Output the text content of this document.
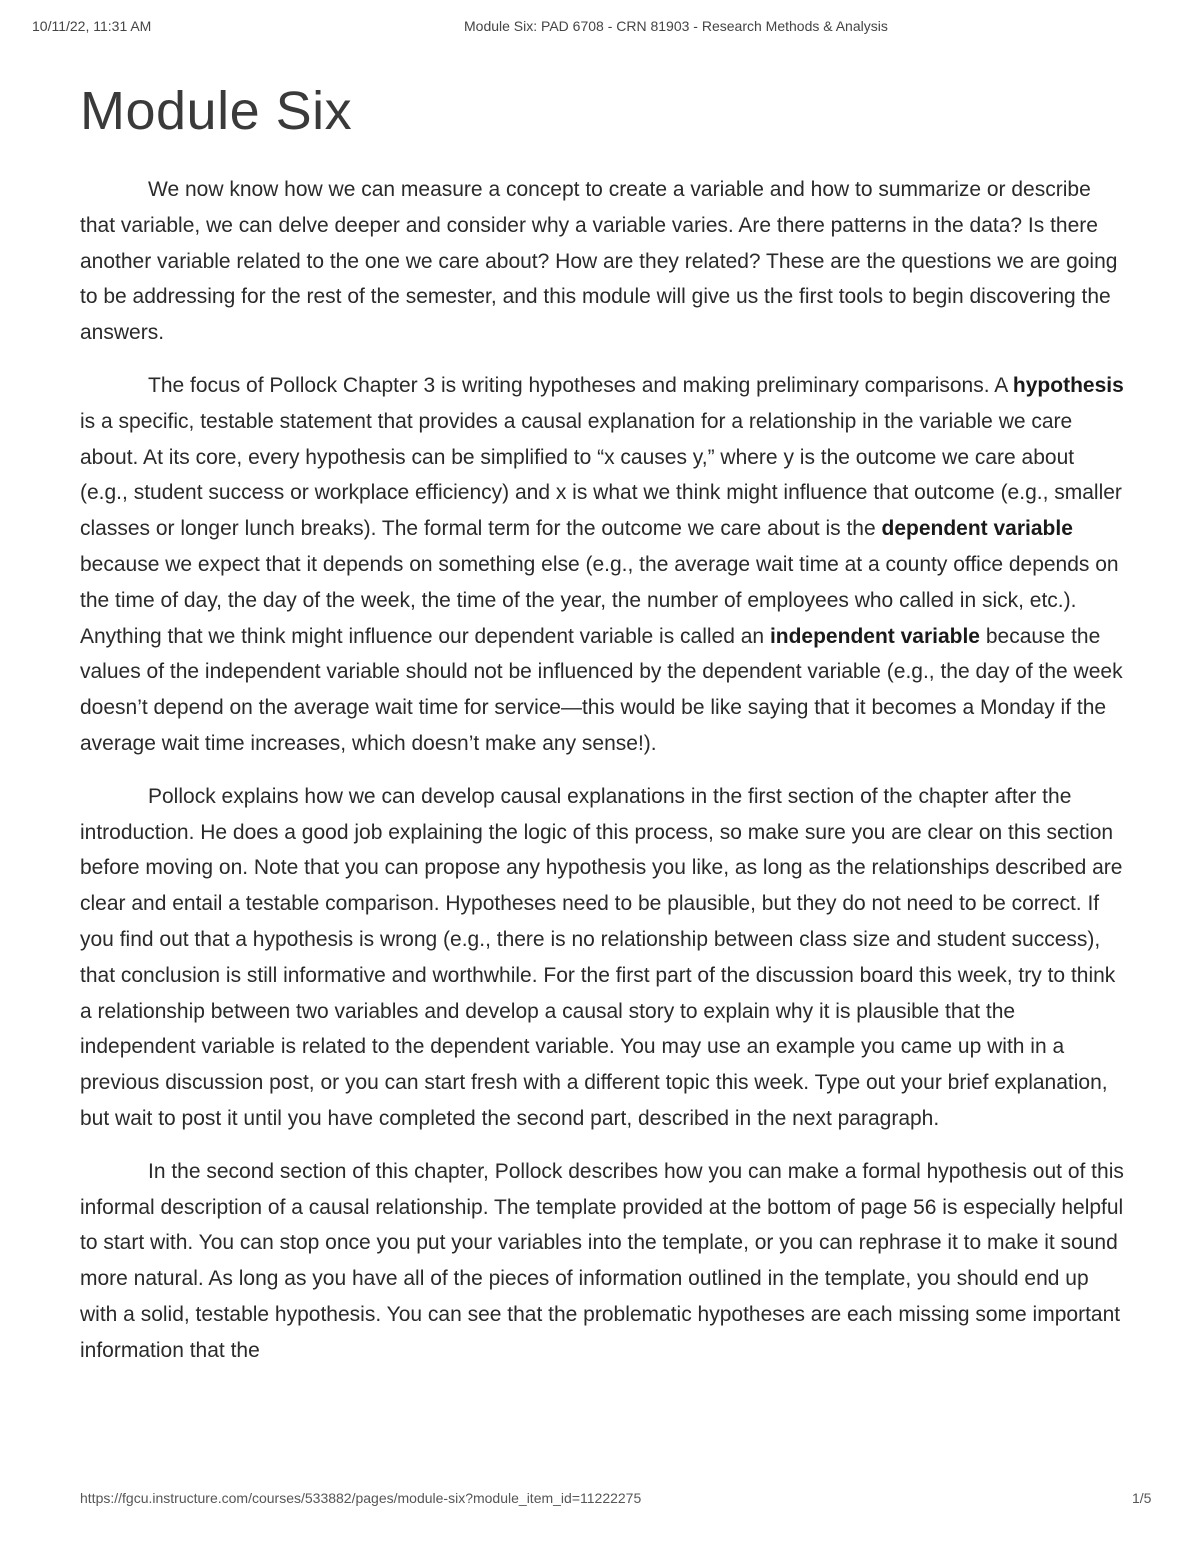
10/11/22, 11:31 AM	Module Six: PAD 6708 - CRN 81903 - Research Methods & Analysis
Module Six

We now know how we can measure a concept to create a variable and how to summarize or describe that variable, we can delve deeper and consider why a variable varies. Are there patterns in the data? Is there another variable related to the one we care about? How are they related? These are the questions we are going to be addressing for the rest of the semester, and this module will give us the first tools to begin discovering the answers.

The focus of Pollock Chapter 3 is writing hypotheses and making preliminary comparisons. A hypothesis is a specific, testable statement that provides a causal explanation for a relationship in the variable we care about. At its core, every hypothesis can be simplified to “x causes y,” where y is the outcome we care about (e.g., student success or workplace efficiency) and x is what we think might influence that outcome (e.g., smaller classes or longer lunch breaks). The formal term for the outcome we care about is the dependent variable because we expect that it depends on something else (e.g., the average wait time at a county office depends on the time of day, the day of the week, the time of the year, the number of employees who called in sick, etc.). Anything that we think might influence our dependent variable is called an independent variable because the values of the independent variable should not be influenced by the dependent variable (e.g., the day of the week doesn’t depend on the average wait time for service—this would be like saying that it becomes a Monday if the average wait time increases, which doesn’t make any sense!).

Pollock explains how we can develop causal explanations in the first section of the chapter after the introduction. He does a good job explaining the logic of this process, so make sure you are clear on this section before moving on. Note that you can propose any hypothesis you like, as long as the relationships described are clear and entail a testable comparison. Hypotheses need to be plausible, but they do not need to be correct. If you find out that a hypothesis is wrong (e.g., there is no relationship between class size and student success), that conclusion is still informative and worthwhile. For the first part of the discussion board this week, try to think a relationship between two variables and develop a causal story to explain why it is plausible that the independent variable is related to the dependent variable. You may use an example you came up with in a previous discussion post, or you can start fresh with a different topic this week. Type out your brief explanation, but wait to post it until you have completed the second part, described in the next paragraph.

In the second section of this chapter, Pollock describes how you can make a formal hypothesis out of this informal description of a causal relationship. The template provided at the bottom of page 56 is especially helpful to start with. You can stop once you put your variables into the template, or you can rephrase it to make it sound more natural. As long as you have all of the pieces of information outlined in the template, you should end up with a solid, testable hypothesis. You can see that the problematic hypotheses are each missing some important information that the

https://fgcu.instructure.com/courses/533882/pages/module-six?module_item_id=11222275	1/5
